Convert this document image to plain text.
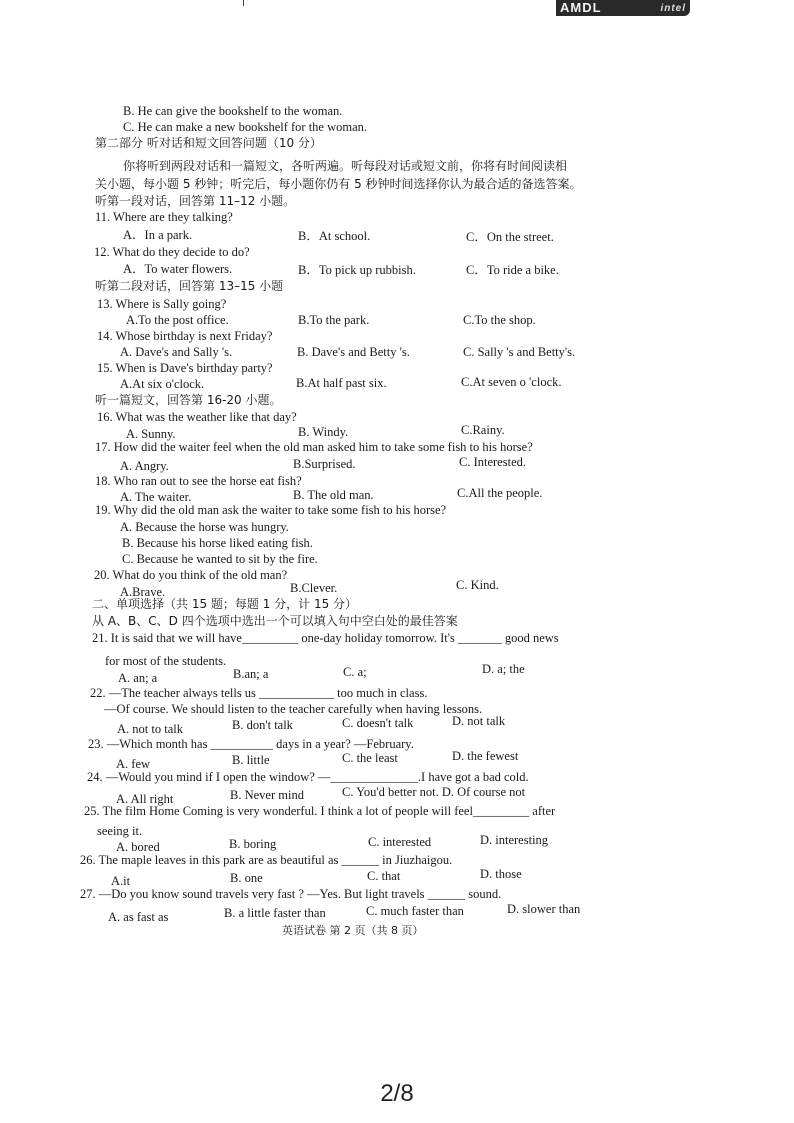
AMDL	intel
B. He can give the bookshelf to the woman.
C. He can make a new bookshelf for the woman.
第二部分 听对话和短文回答问题（10 分）
你将听到两段对话和一篇短文，各听两遍。听每段对话或短文前，你将有时间阅读相
关小题，每小题 5 秒钟；听完后，每小题你仍有 5 秒钟时间选择你认为最合适的备选答案。
听第一段对话，回答第 11–12 小题。
11. Where are they talking?
A．In a park.	B．At school.	C．On the street.
12. What do they decide to do?
A．To water flowers.	B．To pick up rubbish.	C．To ride a bike.
听第二段对话，回答第 13–15 小题
13. Where is Sally going?
A.To the post office.	B.To the park.	C.To the shop.
14. Whose birthday is next Friday?
A. Dave's and Sally 's.	B. Dave's and Betty 's.	C. Sally 's and Betty's.
15. When is Dave's birthday party?
A.At six o'clock.	B.At half past six.	C.At seven o 'clock.
听一篇短文，回答第 16-20 小题。
16. What was the weather like that day?
A. Sunny.	B. Windy.	C.Rainy.
17. How did the waiter feel when the old man asked him to take some fish to his horse?
A. Angry.	B.Surprised.	C. Interested.
18. Who ran out to see the horse eat fish?
A. The waiter.	B. The old man.	C.All the people.
19. Why did the old man ask the waiter to take some fish to his horse?
A. Because the horse was hungry.
B. Because his horse liked eating fish.
C. Because he wanted to sit by the fire.
20. What do you think of the old man?
A.Brave.	B.Clever.	C. Kind.
二、单项选择（共 15 题；每题 1 分，计 15 分）
从 A、B、C、D 四个选项中选出一个可以填入句中空白处的最佳答案
21. It is said that we will have_________ one-day holiday tomorrow. It's _______ good news
for most of the students.
A. an; a	B.an; a	C. a;	D. a; the
22. —The teacher always tells us ____________ too much in class.
—Of course. We should listen to the teacher carefully when having lessons.
A. not to talk	B. don't talk	C. doesn't talk	D. not talk
23. —Which month has __________ days in a year? —February.
A. few	B. little	C. the least	D. the fewest
24. —Would you mind if I open the window? —______________.I have got a bad cold.
A. All right	B. Never mind	C. You'd better not. D. Of course not
25. The film Home Coming is very wonderful. I think a lot of people will feel_________ after
seeing it.
A. bored	B. boring	C. interested	D. interesting
26. The maple leaves in this park are as beautiful as ______ in Jiuzhaigou.
A.it	B. one	C. that	D. those
27. —Do you know sound travels very fast ? —Yes. But light travels ______ sound.
A. as fast as	B. a little faster than	C. much faster than	D. slower than
英语试卷 第 2 页（共 8 页）
2/8
